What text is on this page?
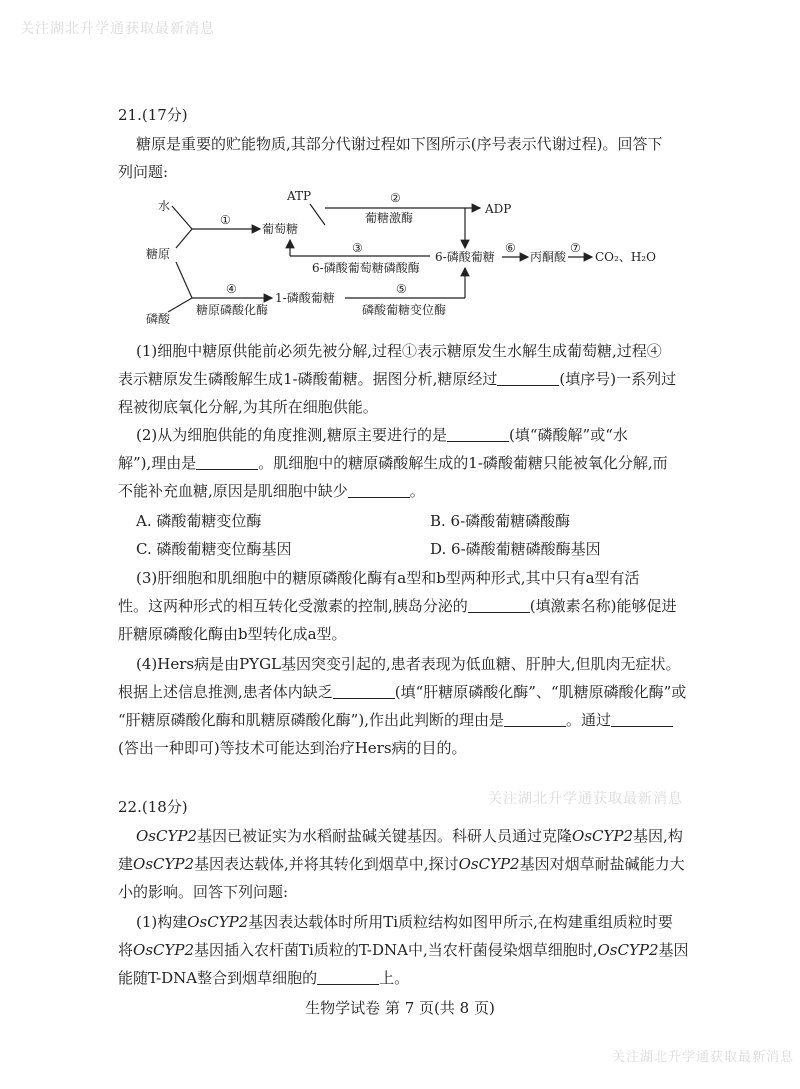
关注湖北升学通获取最新消息
关注湖北升学通获取最新消息
关注湖北升学通获取最新消息
21.(17分)
糖原是重要的贮能物质,其部分代谢过程如下图所示(序号表示代谢过程)。回答下
列问题:
水
糖原
磷酸
①
葡萄糖
ATP
ADP
②
葡糖激酶
③
6-磷酸葡萄糖磷酸酶
6-磷酸葡糖
⑥
丙酮酸
⑦
CO₂、H₂O
④
糖原磷酸化酶
1-磷酸葡糖
⑤
磷酸葡糖变位酶
(1)细胞中糖原供能前必须先被分解,过程①表示糖原发生水解生成葡萄糖,过程④
表示糖原发生磷酸解生成1-磷酸葡糖。据图分析,糖原经过	(填序号)一系列过
程被彻底氧化分解,为其所在细胞供能。
(2)从为细胞供能的角度推测,糖原主要进行的是	(填“磷酸解”或“水
解”),理由是	。肌细胞中的糖原磷酸解生成的1-磷酸葡糖只能被氧化分解,而
不能补充血糖,原因是肌细胞中缺少	。
A. 磷酸葡糖变位酶	B. 6-磷酸葡糖磷酸酶
C. 磷酸葡糖变位酶基因	D. 6-磷酸葡糖磷酸酶基因
(3)肝细胞和肌细胞中的糖原磷酸化酶有a型和b型两种形式,其中只有a型有活
性。这两种形式的相互转化受激素的控制,胰岛分泌的	(填激素名称)能够促进
肝糖原磷酸化酶由b型转化成a型。
(4)Hers病是由PYGL基因突变引起的,患者表现为低血糖、肝肿大,但肌肉无症状。
根据上述信息推测,患者体内缺乏	(填“肝糖原磷酸化酶”、“肌糖原磷酸化酶”或
“肝糖原磷酸化酶和肌糖原磷酸化酶”),作出此判断的理由是	。通过
(答出一种即可)等技术可能达到治疗Hers病的目的。
22.(18分)
OsCYP2基因已被证实为水稻耐盐碱关键基因。科研人员通过克隆OsCYP2基因,构
建OsCYP2基因表达载体,并将其转化到烟草中,探讨OsCYP2基因对烟草耐盐碱能力大
小的影响。回答下列问题:
(1)构建OsCYP2基因表达载体时所用Ti质粒结构如图甲所示,在构建重组质粒时要
将OsCYP2基因插入农杆菌Ti质粒的T-DNA中,当农杆菌侵染烟草细胞时,OsCYP2基因
能随T-DNA整合到烟草细胞的	上。
生物学试卷 第 7 页(共 8 页)
